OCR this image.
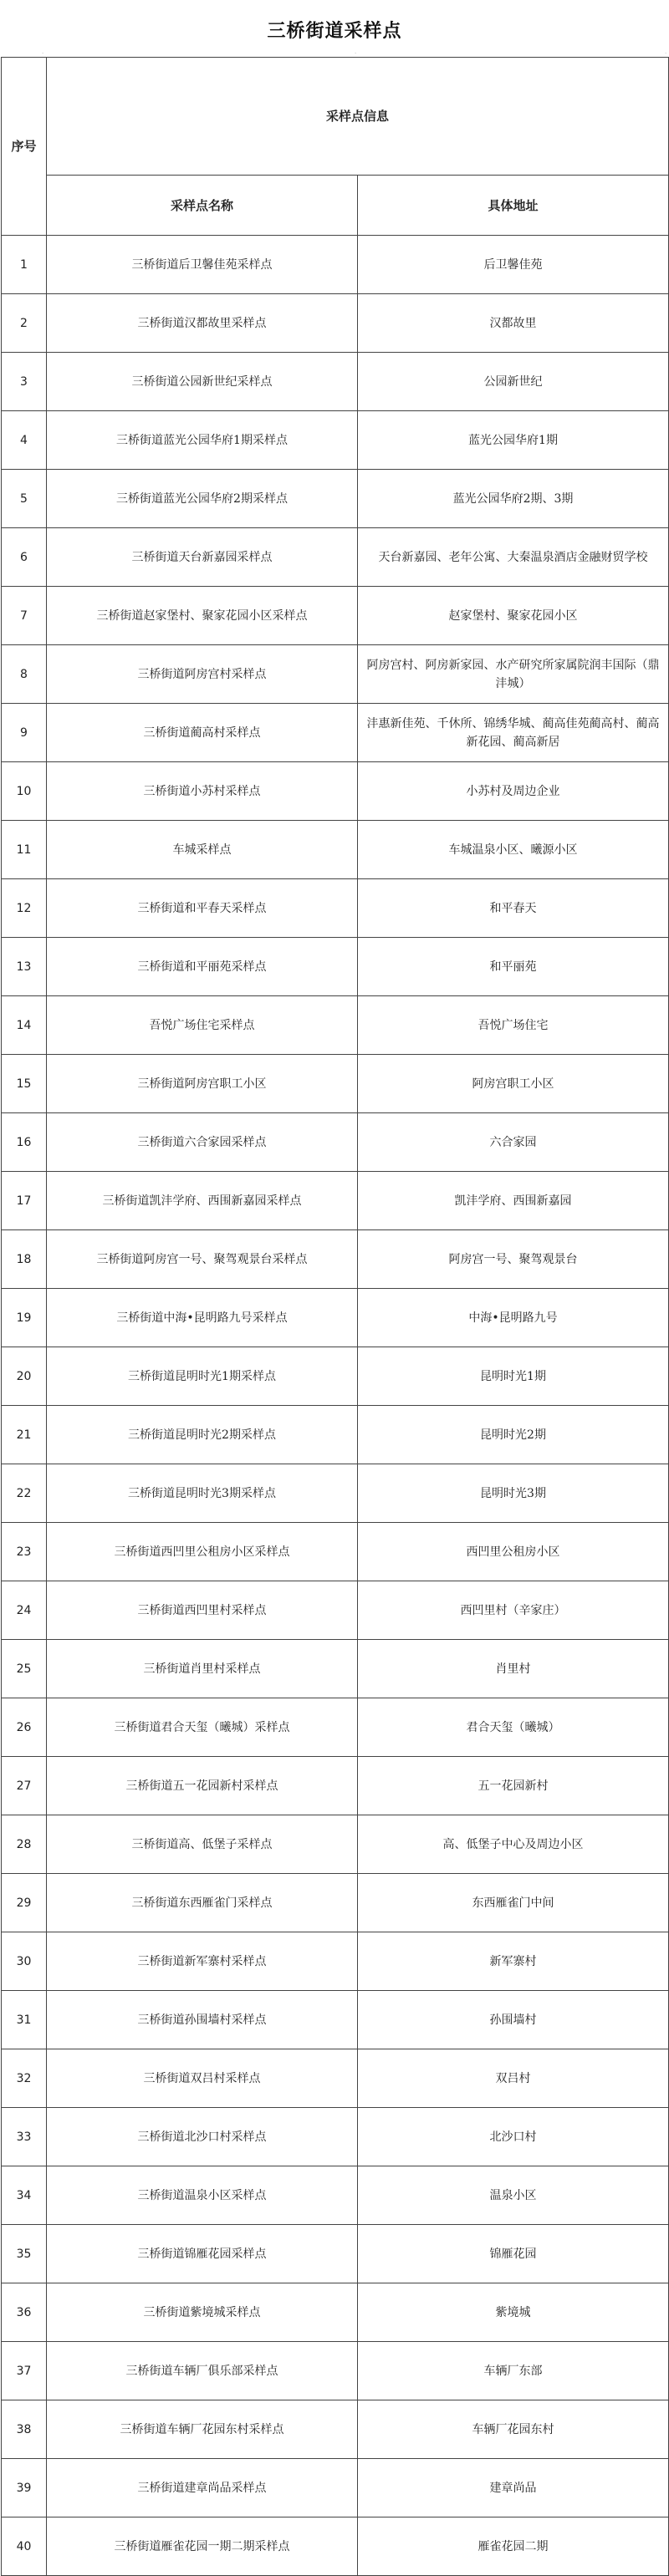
三桥街道采样点
·	·	·
序号	采样点信息	
	采样点名称	具体地址
1	三桥街道后卫馨佳苑采样点	后卫馨佳苑
2	三桥街道汉都故里采样点	汉都故里
3	三桥街道公园新世纪采样点	公园新世纪
4	三桥街道蓝光公园华府1期采样点	蓝光公园华府1期
5	三桥街道蓝光公园华府2期采样点	蓝光公园华府2期、3期
6	三桥街道天台新嘉园采样点	天台新嘉园、老年公寓、大秦温泉酒店金融财贸学校
7	三桥街道赵家堡村、聚家花园小区采样点	赵家堡村、聚家花园小区
8	三桥街道阿房宫村采样点	阿房宫村、阿房新家园、水产研究所家属院润丰国际（鼎沣城）
9	三桥街道蔺高村采样点	沣惠新佳苑、千休所、锦绣华城、蔺高佳苑蔺高村、蔺高新花园、蔺高新居
10	三桥街道小苏村采样点	小苏村及周边企业
11	车城采样点	车城温泉小区、曦源小区
12	三桥街道和平春天采样点	和平春天
13	三桥街道和平丽苑采样点	和平丽苑
14	吾悦广场住宅采样点	吾悦广场住宅
15	三桥街道阿房宫职工小区	阿房宫职工小区
16	三桥街道六合家园采样点	六合家园
17	三桥街道凯沣学府、西围新嘉园采样点	凯沣学府、西围新嘉园
18	三桥街道阿房宫一号、聚驾观景台采样点	阿房宫一号、聚驾观景台
19	三桥街道中海•昆明路九号采样点	中海•昆明路九号
20	三桥街道昆明时光1期采样点	昆明时光1期
21	三桥街道昆明时光2期采样点	昆明时光2期
22	三桥街道昆明时光3期采样点	昆明时光3期
23	三桥街道西凹里公租房小区采样点	西凹里公租房小区
24	三桥街道西凹里村采样点	西凹里村（辛家庄）
25	三桥街道肖里村采样点	肖里村
26	三桥街道君合天玺（曦城）采样点	君合天玺（曦城）
27	三桥街道五一花园新村采样点	五一花园新村
28	三桥街道高、低堡子采样点	高、低堡子中心及周边小区
29	三桥街道东西雁雀门采样点	东西雁雀门中间
30	三桥街道新军寨村采样点	新军寨村
31	三桥街道孙围墙村采样点	孙围墙村
32	三桥街道双吕村采样点	双吕村
33	三桥街道北沙口村采样点	北沙口村
34	三桥街道温泉小区采样点	温泉小区
35	三桥街道锦雁花园采样点	锦雁花园
36	三桥街道紫境城采样点	紫境城
37	三桥街道车辆厂俱乐部采样点	车辆厂东部
38	三桥街道车辆厂花园东村采样点	车辆厂花园东村
39	三桥街道建章尚品采样点	建章尚品
40	三桥街道雁雀花园一期二期采样点	雁雀花园二期
